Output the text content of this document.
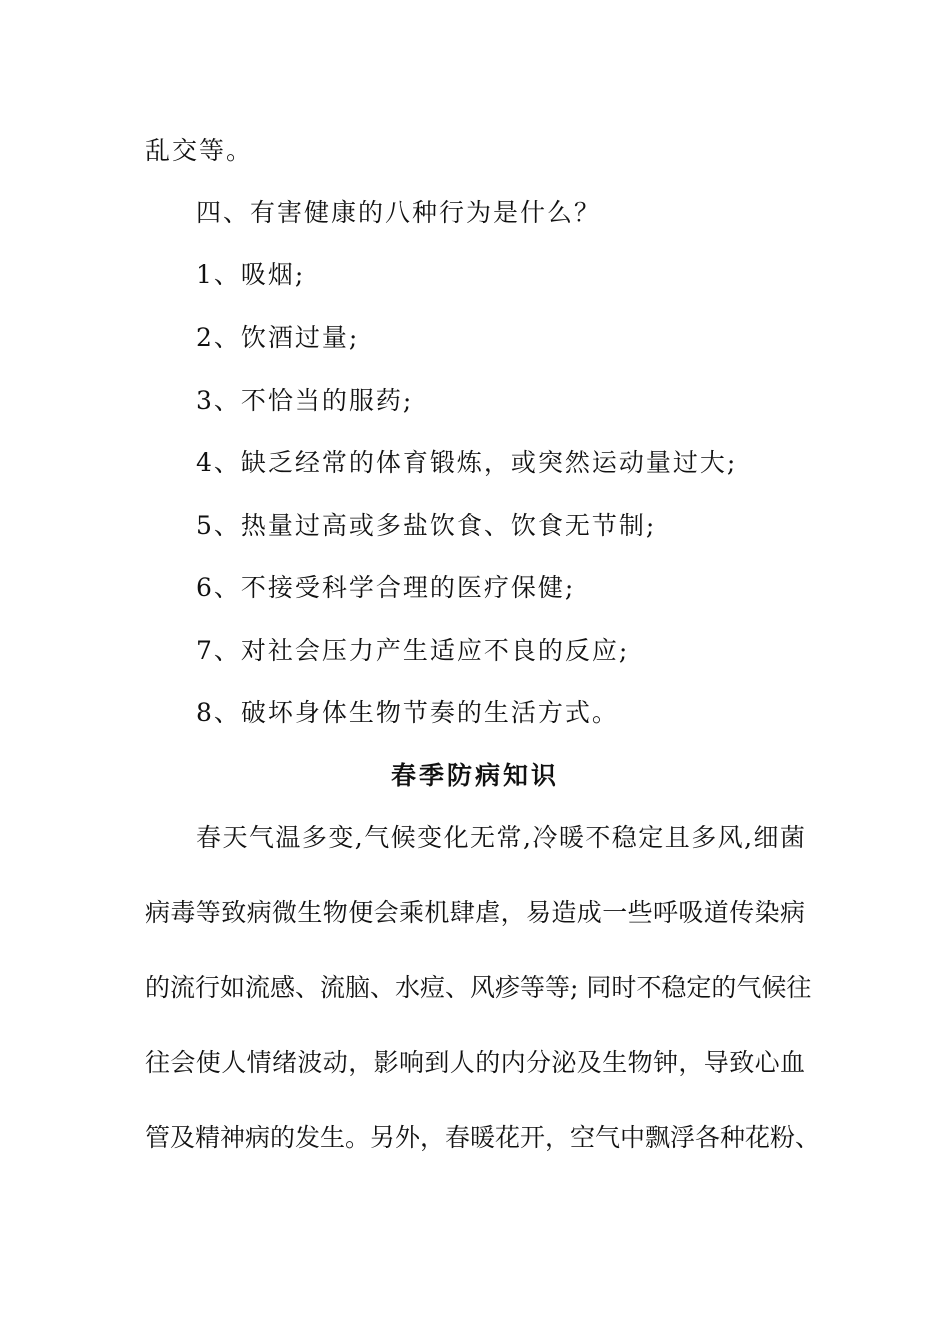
乱交等。
四、有害健康的八种行为是什么？
1、吸烟;
2、饮酒过量;
3、不恰当的服药;
4、缺乏经常的体育锻炼，或突然运动量过大;
5、热量过高或多盐饮食、饮食无节制;
6、不接受科学合理的医疗保健;
7、对社会压力产生适应不良的反应;
8、破坏身体生物节奏的生活方式。
春季防病知识
春天气温多变,气候变化无常,冷暖不稳定且多风,细菌
病毒等致病微生物便会乘机肆虐，易造成一些呼吸道传染病
的流行如流感、流脑、水痘、风疹等等; 同时不稳定的气候往
往会使人情绪波动，影响到人的内分泌及生物钟，导致心血
管及精神病的发生。另外，春暖花开，空气中飘浮各种花粉、
